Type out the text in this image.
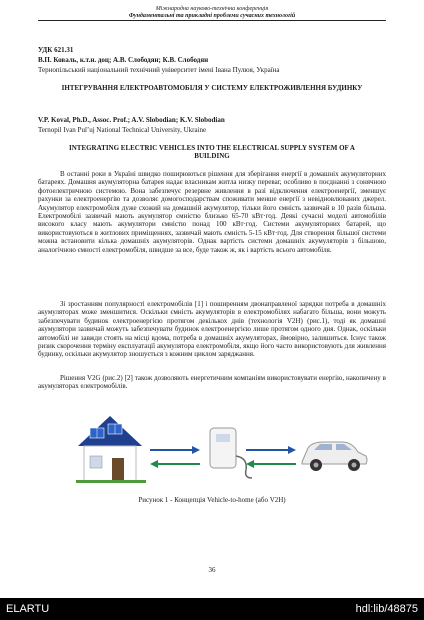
Міжнародна науково-технічна конференція
Фундаментальні та прикладні проблеми сучасних технологій
УДК 621.31
В.П. Коваль, к.т.н. доц; А.В. Слободян; К.В. Слободян
Тернопільський національний технічний університет імені Івана Пулюя, Україна
ІНТЕГРУВАННЯ ЕЛЕКТРОАВТОМОБІЛЯ У СИСТЕМУ ЕЛЕКТРОЖИВЛЕННЯ БУДИНКУ
V.P. Koval, Ph.D., Assoc. Prof.; A.V. Slobodian; K.V. Slobodian
Ternopil Ivan Pul’uj National Technical University, Ukraine
INTEGRATING ELECTRIC VEHICLES INTO THE ELECTRICAL SUPPLY SYSTEM OF A BUILDING
В останні роки в Україні швидко поширюються рішення для зберігання енергії в домашніх акумуляторних батареях. Домашня акумуляторна батарея надає власникам житла низку переваг, особливо в поєднанні з сонячною фотоелектричною системою. Вона забезпечує резервне живлення в разі відключення електроенергії, зменшує рахунки за електроенергію та дозволяє домогосподарствам споживати менше енергії з невідновлюваних джерел. Акумулятор електромобіля дуже схожий на домашній акумулятор, тільки його ємність зазвичай в 10 разів більша. Електромобілі зазвичай мають акумулятор ємністю близько 65-70 кВт·год. Деякі сучасні моделі автомобілів високого класу мають акумулятори ємністю понад 100 кВт·год. Системи акумуляторних батарей, що використовуються в житлових приміщеннях, зазвичай мають ємність 5-15 кВт·год. Для створення більшої системи можна встановити кілька домашніх акумуляторів. Однак вартість системи домашніх акумуляторів з більшою, аналогічною ємності електромобіля, швидше за все, буде також ж, як і вартість всього автомобіля.
Зі зростанням популярності електромобілів [1] і поширенням двонаправленої зарядки потреба в домашніх акумуляторах може зменшитися. Оскільки ємність акумуляторів в електромобілях набагато більша, вони можуть забезпечувати будинок електроенергією протягом декількох днів (технологія V2H) (рис.1), тоді як домашні акумулятори зазвичай можуть забезпечувати будинок електроенергією лише протягом одного дня. Однак, оскільки автомобілі не завжди стоять на місці вдома, потреба в домашніх акумуляторах, ймовірно, залишиться. Існує також ризик скорочення терміну експлуатації акумулятора електромобіля, якщо його часто використовують для живлення будинку, оскільки акумулятор зношується з кожним циклом заряджання.
Рішення V2G (рис.2) [2] також дозволяють енергетичним компаніям використовувати енергію, накопичену в акумуляторах електромобілів.
Рисунок 1 - Концепція Vehicle-to-home (або V2H)
36
ELARTU	hdl:lib/48875
